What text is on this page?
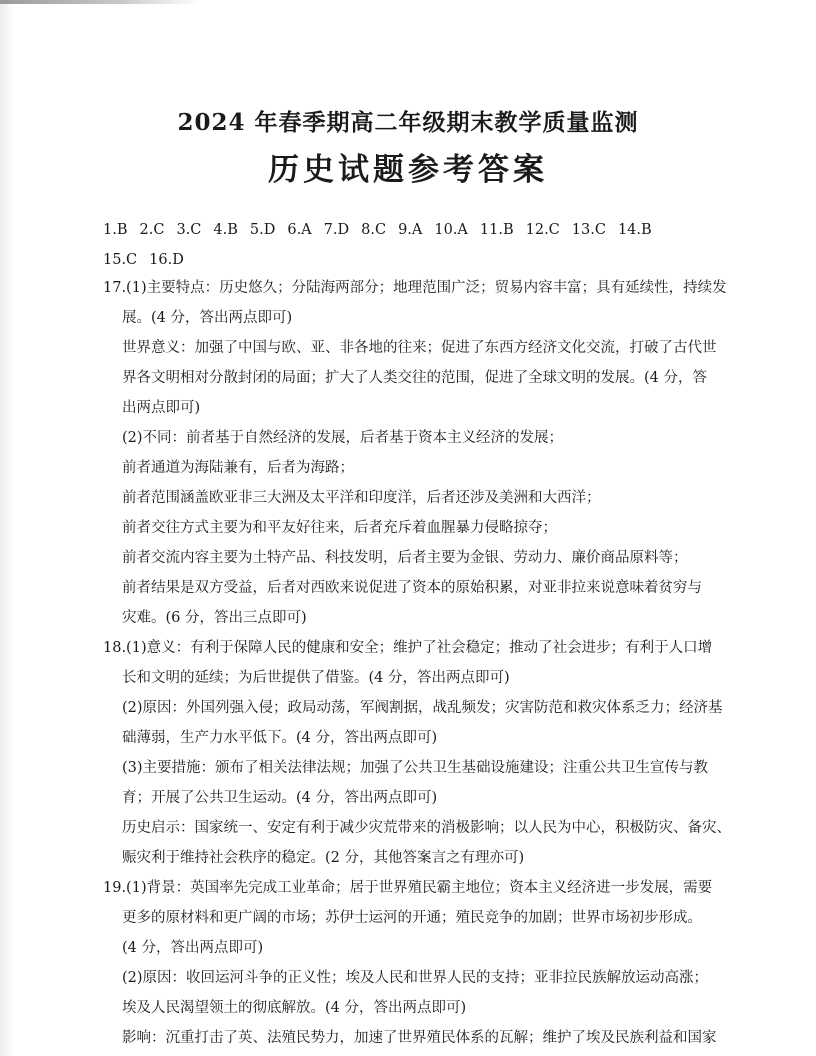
2024 年春季期高二年级期末教学质量监测
历史试题参考答案
1.B 2.C 3.C 4.B 5.D 6.A 7.D 8.C 9.A 10.A 11.B 12.C 13.C 14.B
15.C 16.D
17.(1)主要特点：历史悠久；分陆海两部分；地理范围广泛；贸易内容丰富；具有延续性，持续发
展。(4 分，答出两点即可)
世界意义：加强了中国与欧、亚、非各地的往来；促进了东西方经济文化交流，打破了古代世
界各文明相对分散封闭的局面；扩大了人类交往的范围，促进了全球文明的发展。(4 分，答
出两点即可)
(2)不同：前者基于自然经济的发展，后者基于资本主义经济的发展；
前者通道为海陆兼有，后者为海路；
前者范围涵盖欧亚非三大洲及太平洋和印度洋，后者还涉及美洲和大西洋；
前者交往方式主要为和平友好往来，后者充斥着血腥暴力侵略掠夺；
前者交流内容主要为土特产品、科技发明，后者主要为金银、劳动力、廉价商品原料等；
前者结果是双方受益，后者对西欧来说促进了资本的原始积累，对亚非拉来说意味着贫穷与
灾难。(6 分，答出三点即可)
18.(1)意义：有利于保障人民的健康和安全；维护了社会稳定；推动了社会进步；有利于人口增
长和文明的延续；为后世提供了借鉴。(4 分，答出两点即可)
(2)原因：外国列强入侵；政局动荡，军阀割据，战乱频发；灾害防范和救灾体系乏力；经济基
础薄弱，生产力水平低下。(4 分，答出两点即可)
(3)主要措施：颁布了相关法律法规；加强了公共卫生基础设施建设；注重公共卫生宣传与教
育；开展了公共卫生运动。(4 分，答出两点即可)
历史启示：国家统一、安定有利于减少灾荒带来的消极影响；以人民为中心，积极防灾、备灾、
赈灾利于维持社会秩序的稳定。(2 分，其他答案言之有理亦可)
19.(1)背景：英国率先完成工业革命；居于世界殖民霸主地位；资本主义经济进一步发展，需要
更多的原材料和更广阔的市场；苏伊士运河的开通；殖民竞争的加剧；世界市场初步形成。
(4 分，答出两点即可)
(2)原因：收回运河斗争的正义性；埃及人民和世界人民的支持；亚非拉民族解放运动高涨；
埃及人民渴望领土的彻底解放。(4 分，答出两点即可)
影响：沉重打击了英、法殖民势力，加速了世界殖民体系的瓦解；维护了埃及民族利益和国家
